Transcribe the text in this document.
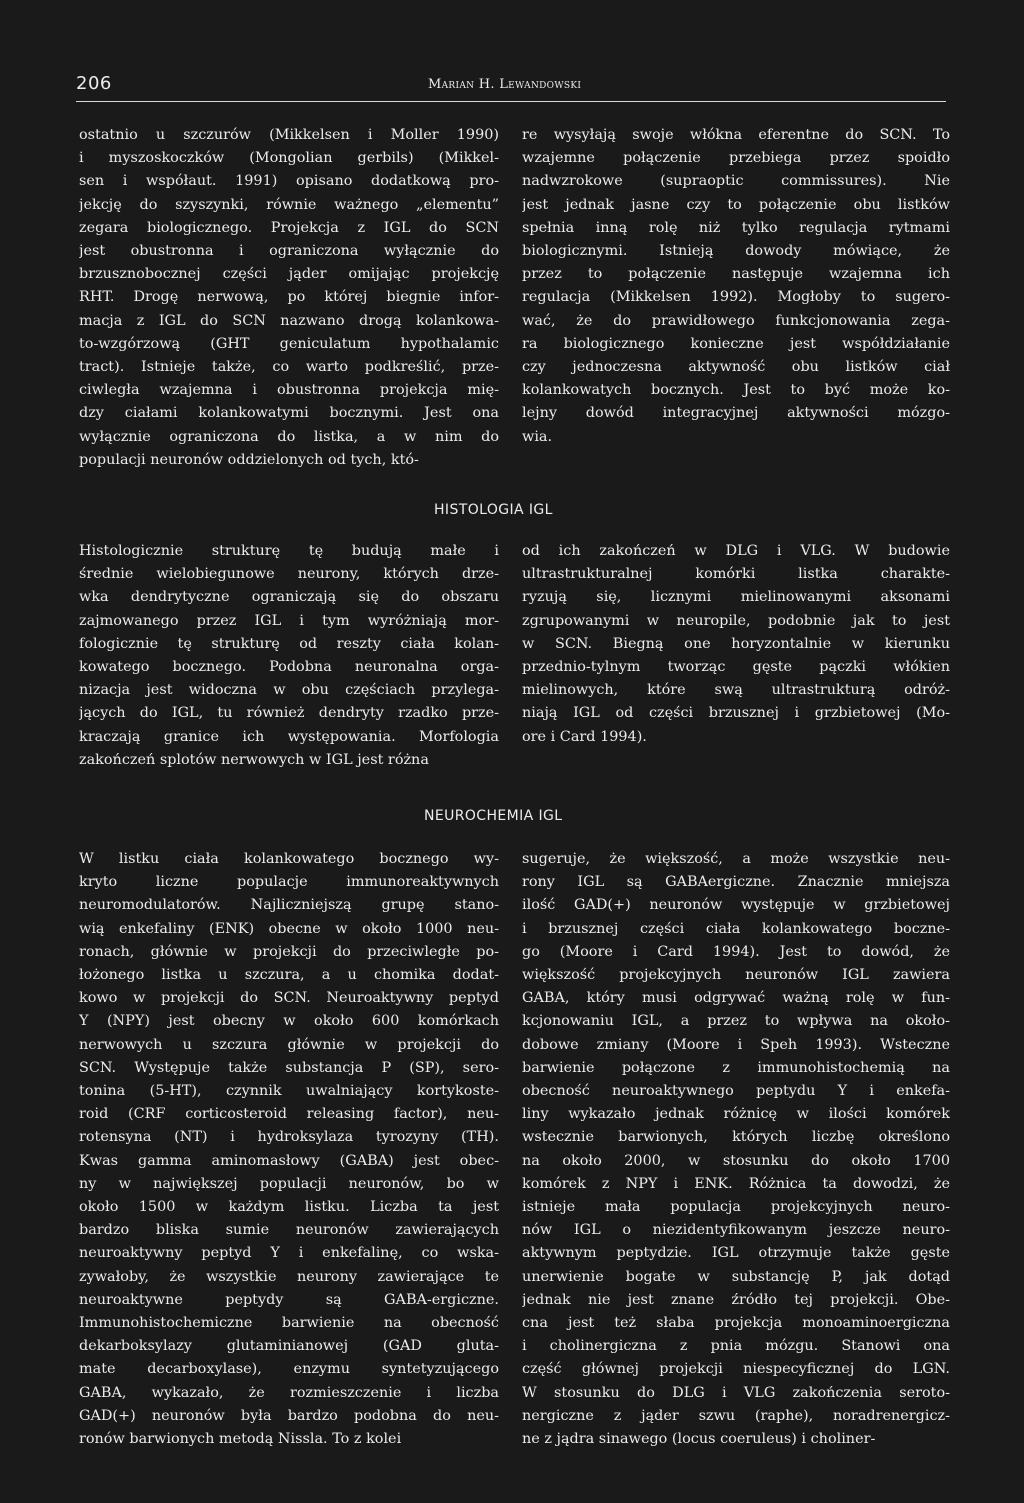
206	Marian H. Lewandowski
ostatnio u szczurów (Mikkelsen i Moller 1990)
i myszoskoczków (Mongolian gerbils) (Mikkel-
sen i współaut. 1991) opisano dodatkową pro-
jekcję do szyszynki, równie ważnego „elementu”
zegara biologicznego. Projekcja z IGL do SCN
jest obustronna i ograniczona wyłącznie do
brzusznobocznej części jąder omijając projekcję
RHT. Drogę nerwową, po której biegnie infor-
macja z IGL do SCN nazwano drogą kolankowa-
to-wzgórzową (GHT geniculatum hypothalamic
tract). Istnieje także, co warto podkreślić, prze-
ciwległa wzajemna i obustronna projekcja mię-
dzy ciałami kolankowatymi bocznymi. Jest ona
wyłącznie ograniczona do listka, a w nim do
populacji neuronów oddzielonych od tych, któ-
re wysyłają swoje włókna eferentne do SCN. To
wzajemne połączenie przebiega przez spoidło
nadwzrokowe (supraoptic commissures). Nie
jest jednak jasne czy to połączenie obu listków
spełnia inną rolę niż tylko regulacja rytmami
biologicznymi. Istnieją dowody mówiące, że
przez to połączenie następuje wzajemna ich
regulacja (Mikkelsen 1992). Mogłoby to sugero-
wać, że do prawidłowego funkcjonowania zega-
ra biologicznego konieczne jest współdziałanie
czy jednoczesna aktywność obu listków ciał
kolankowatych bocznych. Jest to być może ko-
lejny dowód integracyjnej aktywności mózgo-
wia.
HISTOLOGIA IGL
Histologicznie strukturę tę budują małe i
średnie wielobiegunowe neurony, których drze-
wka dendrytyczne ograniczają się do obszaru
zajmowanego przez IGL i tym wyróżniają mor-
fologicznie tę strukturę od reszty ciała kolan-
kowatego bocznego. Podobna neuronalna orga-
nizacja jest widoczna w obu częściach przylega-
jących do IGL, tu również dendryty rzadko prze-
kraczają granice ich występowania. Morfologia
zakończeń splotów nerwowych w IGL jest różna
od ich zakończeń w DLG i VLG. W budowie
ultrastrukturalnej komórki listka charakte-
ryzują się, licznymi mielinowanymi aksonami
zgrupowanymi w neuropile, podobnie jak to jest
w SCN. Biegną one horyzontalnie w kierunku
przednio-tylnym tworząc gęste pączki włókien
mielinowych, które swą ultrastrukturą odróż-
niają IGL od części brzusznej i grzbietowej (Mo-
ore i Card 1994).
NEUROCHEMIA IGL
W listku ciała kolankowatego bocznego wy-
kryto liczne populacje immunoreaktywnych
neuromodulatorów. Najliczniejszą grupę stano-
wią enkefaliny (ENK) obecne w około 1000 neu-
ronach, głównie w projekcji do przeciwległe po-
łożonego listka u szczura, a u chomika dodat-
kowo w projekcji do SCN. Neuroaktywny peptyd
Y (NPY) jest obecny w około 600 komórkach
nerwowych u szczura głównie w projekcji do
SCN. Występuje także substancja P (SP), sero-
tonina (5-HT), czynnik uwalniający kortykoste-
roid (CRF corticosteroid releasing factor), neu-
rotensyna (NT) i hydroksylaza tyrozyny (TH).
Kwas gamma aminomasłowy (GABA) jest obec-
ny w największej populacji neuronów, bo w
około 1500 w każdym listku. Liczba ta jest
bardzo bliska sumie neuronów zawierających
neuroaktywny peptyd Y i enkefalinę, co wska-
zywałoby, że wszystkie neurony zawierające te
neuroaktywne peptydy są GABA-ergiczne.
Immunohistochemiczne barwienie na obecność
dekarboksylazy glutaminianowej (GAD gluta-
mate decarboxylase), enzymu syntetyzującego
GABA, wykazało, że rozmieszczenie i liczba
GAD(+) neuronów była bardzo podobna do neu-
ronów barwionych metodą Nissla. To z kolei
sugeruje, że większość, a może wszystkie neu-
rony IGL są GABAergiczne. Znacznie mniejsza
ilość GAD(+) neuronów występuje w grzbietowej
i brzusznej części ciała kolankowatego boczne-
go (Moore i Card 1994). Jest to dowód, że
większość projekcyjnych neuronów IGL zawiera
GABA, który musi odgrywać ważną rolę w fun-
kcjonowaniu IGL, a przez to wpływa na około-
dobowe zmiany (Moore i Speh 1993). Wsteczne
barwienie połączone z immunohistochemią na
obecność neuroaktywnego peptydu Y i enkefa-
liny wykazało jednak różnicę w ilości komórek
wstecznie barwionych, których liczbę określono
na około 2000, w stosunku do około 1700
komórek z NPY i ENK. Różnica ta dowodzi, że
istnieje mała populacja projekcyjnych neuro-
nów IGL o niezidentyfikowanym jeszcze neuro-
aktywnym peptydzie. IGL otrzymuje także gęste
unerwienie bogate w substancję P, jak dotąd
jednak nie jest znane źródło tej projekcji. Obe-
cna jest też słaba projekcja monoaminoergiczna
i cholinergiczna z pnia mózgu. Stanowi ona
część głównej projekcji niespecyficznej do LGN.
W stosunku do DLG i VLG zakończenia seroto-
nergiczne z jąder szwu (raphe), noradrenergicz-
ne z jądra sinawego (locus coeruleus) i choliner-
